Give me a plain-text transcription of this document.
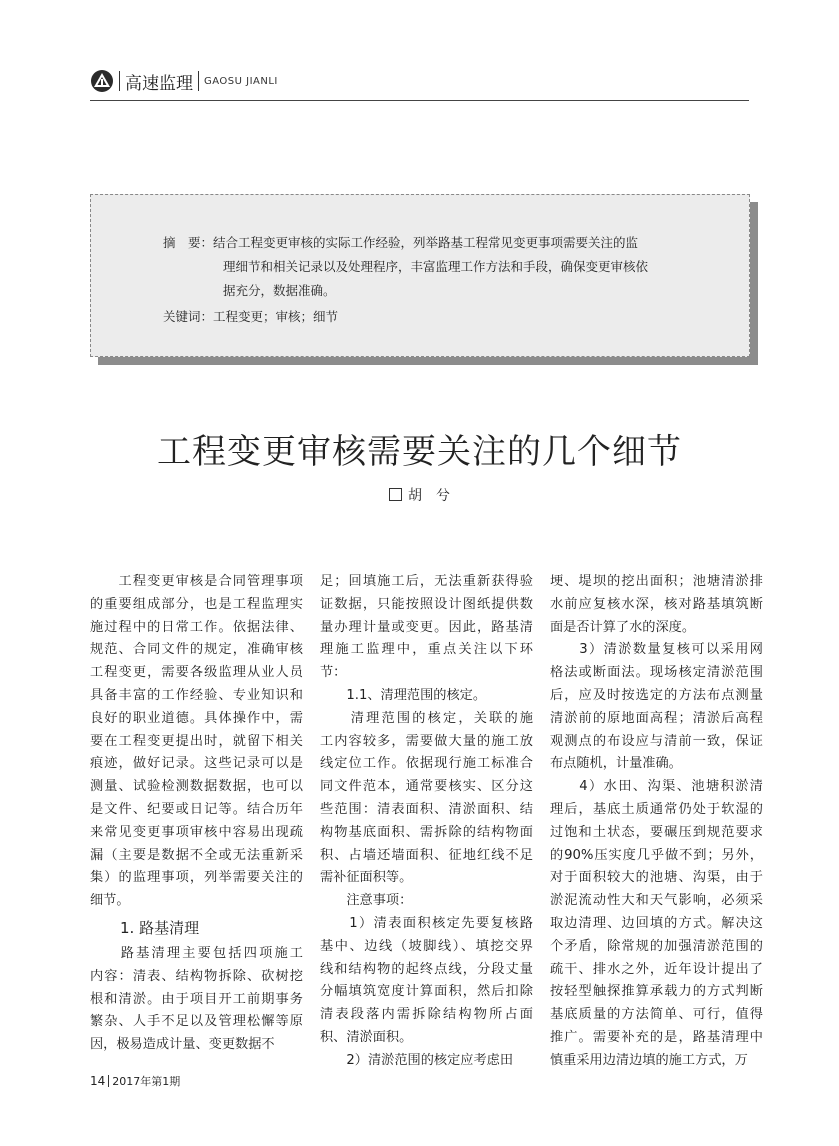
高速监理 GAOSU JIANLI
摘　要：结合工程变更审核的实际工作经验，列举路基工程常见变更事项需要关注的监
理细节和相关记录以及处理程序，丰富监理工作方法和手段，确保变更审核依
据充分，数据准确。
关键词：工程变更；审核；细节
工程变更审核需要关注的几个细节
胡　兮
　　工程变更审核是合同管理事项
的重要组成部分，也是工程监理实
施过程中的日常工作。依据法律、
规范、合同文件的规定，准确审核
工程变更，需要各级监理从业人员
具备丰富的工作经验、专业知识和
良好的职业道德。具体操作中，需
要在工程变更提出时，就留下相关
痕迹，做好记录。这些记录可以是
测量、试验检测数据数据，也可以
是文件、纪要或日记等。结合历年
来常见变更事项审核中容易出现疏
漏（主要是数据不全或无法重新采
集）的监理事项，列举需要关注的
细节。
　　1. 路基清理
　　路基清理主要包括四项施工
内容：清表、结构物拆除、砍树挖
根和清淤。由于项目开工前期事务
繁杂、人手不足以及管理松懈等原
因，极易造成计量、变更数据不
足；回填施工后，无法重新获得验
证数据，只能按照设计图纸提供数
量办理计量或变更。因此，路基清
理施工监理中，重点关注以下环
节：
　　1.1、清理范围的核定。
　　清理范围的核定，关联的施
工内容较多，需要做大量的施工放
线定位工作。依据现行施工标准合
同文件范本，通常要核实、区分这
些范围：清表面积、清淤面积、结
构物基底面积、需拆除的结构物面
积、占墙还墙面积、征地红线不足
需补征面积等。
　　注意事项：
　　1）清表面积核定先要复核路
基中、边线（坡脚线）、填挖交界
线和结构物的起终点线，分段丈量
分幅填筑宽度计算面积，然后扣除
清表段落内需拆除结构物所占面
积、清淤面积。
　　2）清淤范围的核定应考虑田
埂、堤坝的挖出面积；池塘清淤排
水前应复核水深，核对路基填筑断
面是否计算了水的深度。
　　3）清淤数量复核可以采用网
格法或断面法。现场核定清淤范围
后，应及时按选定的方法布点测量
清淤前的原地面高程；清淤后高程
观测点的布设应与清前一致，保证
布点随机，计量准确。
　　4）水田、沟渠、池塘积淤清
理后，基底土质通常仍处于软湿的
过饱和土状态，要碾压到规范要求
的90%压实度几乎做不到；另外，
对于面积较大的池塘、沟渠，由于
淤泥流动性大和天气影响，必须采
取边清理、边回填的方式。解决这
个矛盾，除常规的加强清淤范围的
疏干、排水之外，近年设计提出了
按轻型触探推算承载力的方式判断
基底质量的方法简单、可行，值得
推广。需要补充的是，路基清理中
慎重采用边清边填的施工方式，万
14 2017年第1期
